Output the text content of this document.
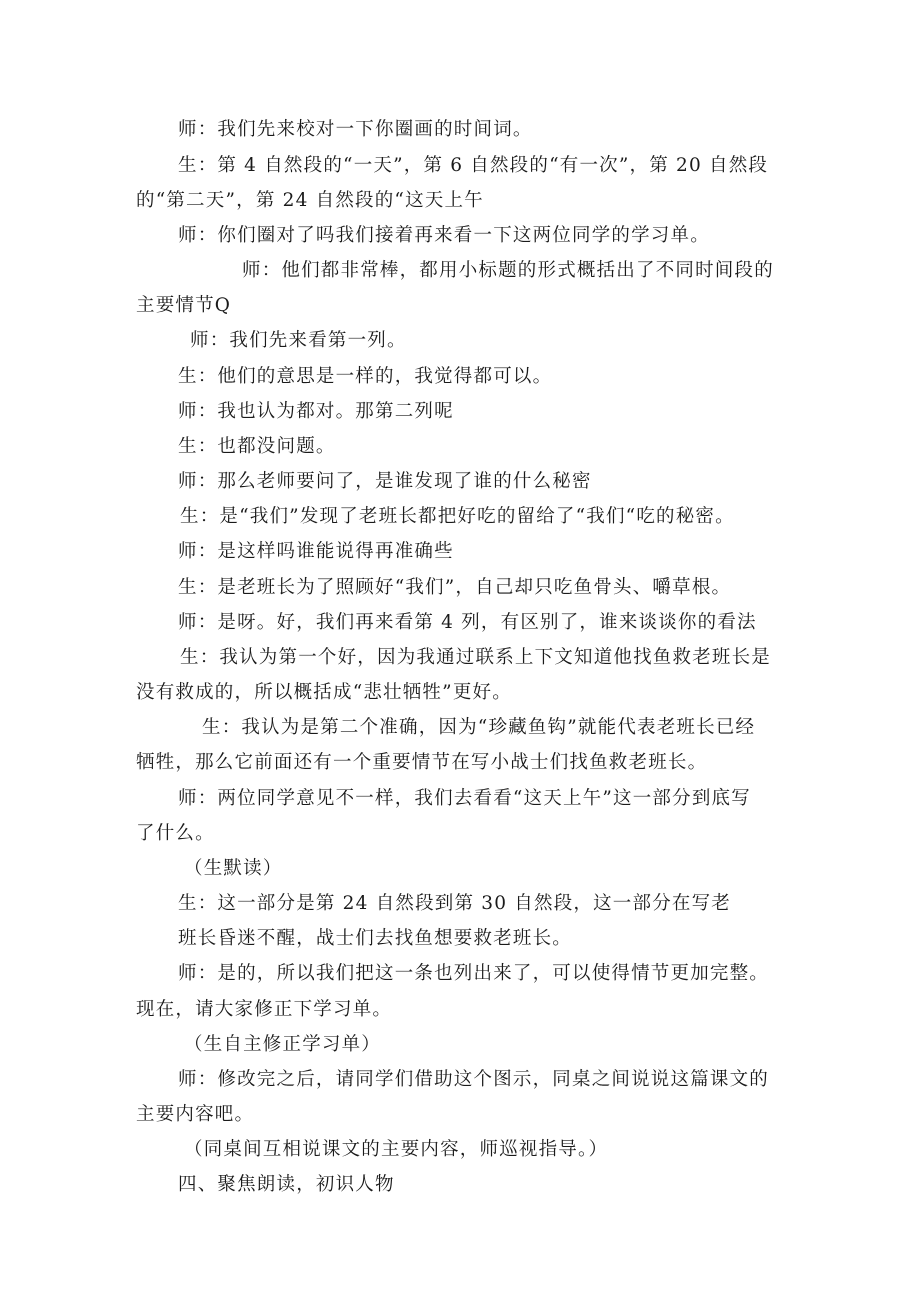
师：我们先来校对一下你圈画的时间词。
生：第 4 自然段的“一天”，第 6 自然段的“有一次”，第 20 自然段
的“第二天”，第 24 自然段的“这天上午
师：你们圈对了吗我们接着再来看一下这两位同学的学习单。
师：他们都非常棒，都用小标题的形式概括出了不同时间段的
主要情节Q
师：我们先来看第一列。
生：他们的意思是一样的，我觉得都可以。
师：我也认为都对。那第二列呢
生：也都没问题。
师：那么老师要问了，是谁发现了谁的什么秘密
生：是“我们”发现了老班长都把好吃的留给了“我们“吃的秘密。
师：是这样吗谁能说得再准确些
生：是老班长为了照顾好“我们”，自己却只吃鱼骨头、嚼草根。
师：是呀。好，我们再来看第 4 列，有区别了，谁来谈谈你的看法
生：我认为第一个好，因为我通过联系上下文知道他找鱼救老班长是
没有救成的，所以概括成“悲壮牺牲”更好。
生：我认为是第二个准确，因为“珍藏鱼钩”就能代表老班长已经
牺牲，那么它前面还有一个重要情节在写小战士们找鱼救老班长。
师：两位同学意见不一样，我们去看看“这天上午”这一部分到底写
了什么。
（生默读）
生：这一部分是第 24 自然段到第 30 自然段，这一部分在写老
班长昏迷不醒，战士们去找鱼想要救老班长。
师：是的，所以我们把这一条也列出来了，可以使得情节更加完整。
现在，请大家修正下学习单。
（生自主修正学习单）
师：修改完之后，请同学们借助这个图示，同桌之间说说这篇课文的
主要内容吧。
（同桌间互相说课文的主要内容，师巡视指导。）
四、聚焦朗读，初识人物
